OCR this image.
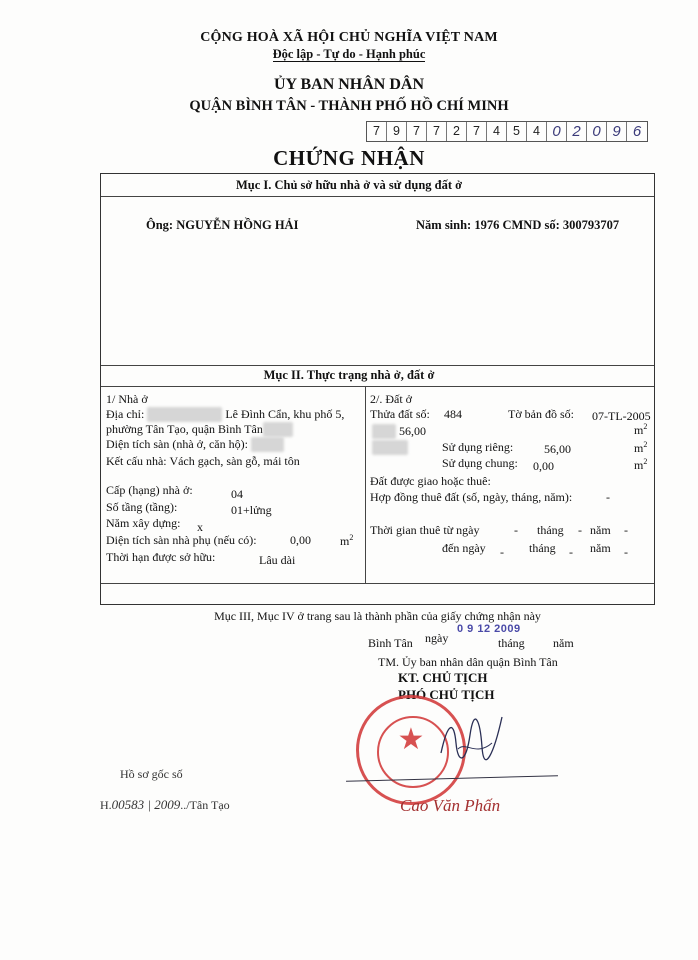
CỘNG HOÀ XÃ HỘI CHỦ NGHĨA VIỆT NAM
Độc lập - Tự do - Hạnh phúc
ỦY BAN NHÂN DÂN
QUẬN BÌNH TÂN - THÀNH PHỐ HỒ CHÍ MINH
7	9	7	7	2	7	4	5	4 0 2 0 9 6
CHỨNG NHẬN
Mục I. Chủ sở hữu nhà ở và sử dụng đất ở
Ông: NGUYỄN HỒNG HẢI	Năm sinh: 1976 CMND số: 300793707
Mục II. Thực trạng nhà ở, đất ở
1/ Nhà ở
Địa chỉ:	Lê Đình Cẩn, khu phố 5,
phường Tân Tạo, quận Bình Tân
Diện tích sàn (nhà ở, căn hộ):
Kết cấu nhà: Vách gạch, sàn gỗ, mái tôn
Cấp (hạng) nhà ở:	04
Số tầng (tầng):	01+lửng
Năm xây dựng: x
Diện tích sàn nhà phụ (nếu có):	0,00 $m^2$
Thời hạn được sở hữu:	Lâu dài
2/. Đất ở
Thửa đất số: 484	Tờ bản đồ số: 07-TL-2005
56,00	$m^2$
Sử dụng riêng:	56,00	$m^2$
Sử dụng chung: 0,00	$m^2$
Đất được giao hoặc thuê:
Hợp đồng thuê đất (số, ngày, tháng, năm):	-
Thời gian thuê từ ngày	- tháng - năm -
đến ngày - tháng - năm -
Mục III, Mục IV ở trang sau là thành phần của giấy chứng nhận này
0 9 12 2009
Bình Tân ngày	tháng năm
TM. Ủy ban nhân dân quận Bình Tân
KT. CHỦ TỊCH
PHÓ CHỦ TỊCH
★
Cao Văn Phấn
Hồ sơ gốc số
H.00583 | 2009../Tân Tạo
